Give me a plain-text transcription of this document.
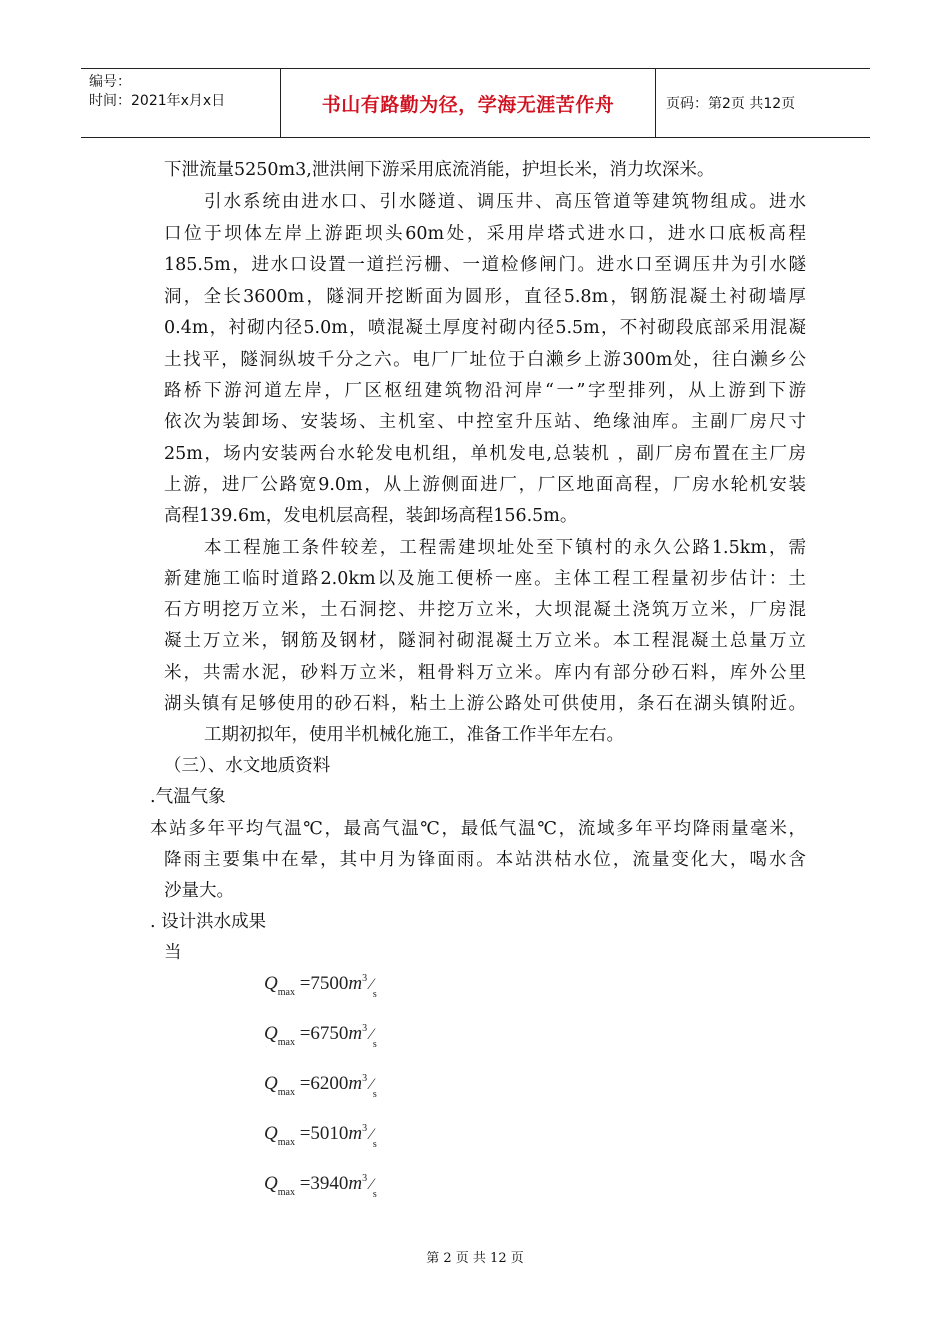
编号：
时间：2021年x月x日	书山有路勤为径，学海无涯苦作舟	页码：第2页 共12页
下泄流量5250m3,泄洪闸下游采用底流消能，护坦长米，消力坎深米。
引水系统由进水口、引水隧道、调压井、高压管道等建筑物组成。进水
口位于坝体左岸上游距坝头60m处，采用岸塔式进水口，进水口底板高程
185.5m，进水口设置一道拦污栅、一道检修闸门。进水口至调压井为引水隧
洞，全长3600m，隧洞开挖断面为圆形，直径5.8m，钢筋混凝土衬砌墙厚
0.4m，衬砌内径5.0m，喷混凝土厚度衬砌内径5.5m，不衬砌段底部采用混凝
土找平，隧洞纵坡千分之六。电厂厂址位于白濑乡上游300m处，往白濑乡公
路桥下游河道左岸，厂区枢纽建筑物沿河岸“一”字型排列，从上游到下游
依次为装卸场、安装场、主机室、中控室升压站、绝缘油库。主副厂房尺寸
25m，场内安装两台水轮发电机组，单机发电,总装机 ，副厂房布置在主厂房
上游，进厂公路宽9.0m，从上游侧面进厂，厂区地面高程，厂房水轮机安装
高程139.6m，发电机层高程，装卸场高程156.5m。
本工程施工条件较差，工程需建坝址处至下镇村的永久公路1.5km，需
新建施工临时道路2.0km以及施工便桥一座。主体工程工程量初步估计：土
石方明挖万立米，土石洞挖、井挖万立米，大坝混凝土浇筑万立米，厂房混
凝土万立米，钢筋及钢材，隧洞衬砌混凝土万立米。本工程混凝土总量万立
米，共需水泥，砂料万立米，粗骨料万立米。库内有部分砂石料，库外公里
湖头镇有足够使用的砂石料，粘土上游公路处可供使用，条石在湖头镇附近。
工期初拟年，使用半机械化施工，准备工作半年左右。
（三）、水文地质资料
.气温气象
本站多年平均气温℃，最高气温℃，最低气温℃，流域多年平均降雨量毫米，
降雨主要集中在晕，其中月为锋面雨。本站洪枯水位，流量变化大，喝水含
沙量大。
. 设计洪水成果
当
$Q_{max} =7500m^3$ $⁄_s$
$Q_{max} =6750m^3$ $⁄_s$
$Q_{max} =6200m^3$ $⁄_s$
$Q_{max} =5010m^3$ $⁄_s$
$Q_{max} =3940m^3$ $⁄_s$
第 2 页 共 12 页
